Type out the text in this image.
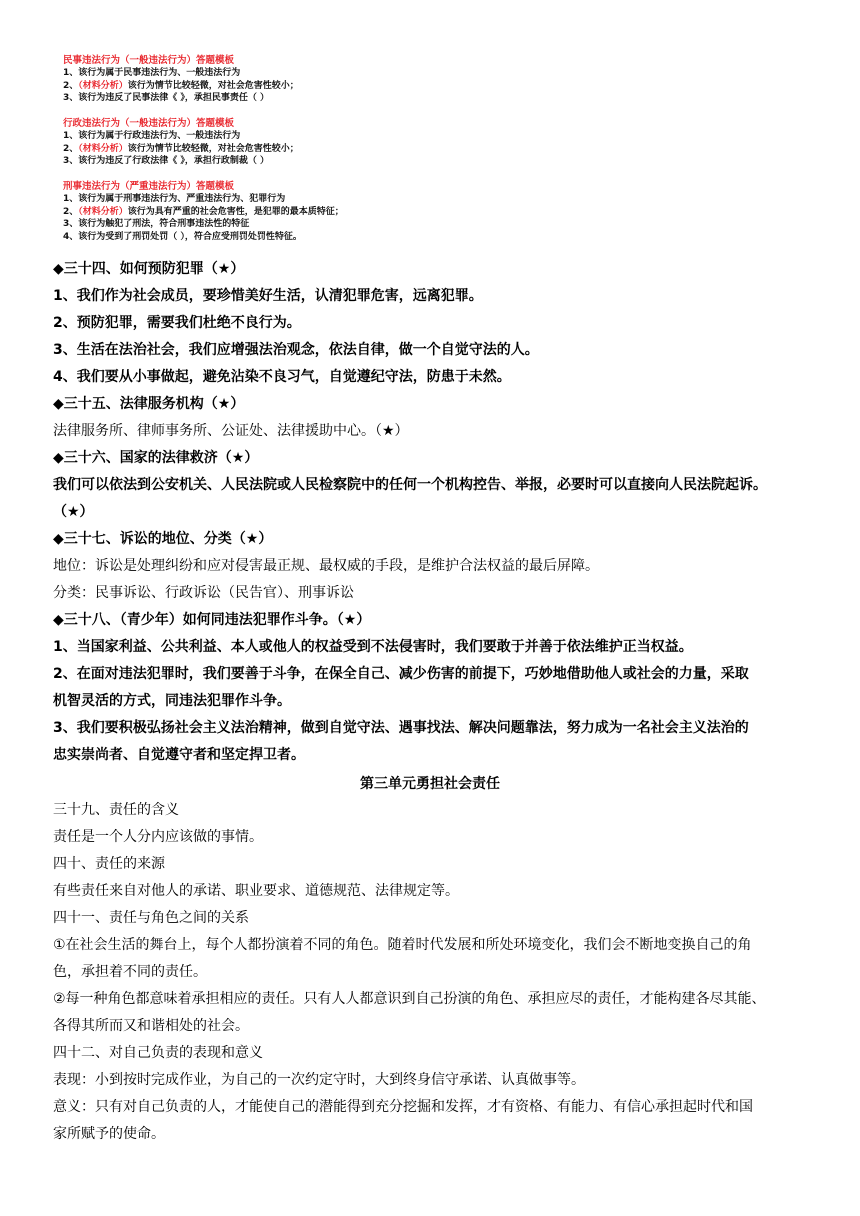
民事违法行为（一般违法行为）答题模板
1、该行为属于民事违法行为、一般违法行为
2、（材料分析）该行为情节比较轻微，对社会危害性较小；
3、该行为违反了民事法律《 》，承担民事责任（ ）
行政违法行为（一般违法行为）答题模板
1、该行为属于行政违法行为、一般违法行为
2、（材料分析）该行为情节比较轻微，对社会危害性较小；
3、该行为违反了行政法律《 》，承担行政制裁（ ）
刑事违法行为（严重违法行为）答题模板
1、该行为属于刑事违法行为、严重违法行为、犯罪行为
2、（材料分析）该行为具有严重的社会危害性，是犯罪的最本质特征；
3、该行为触犯了刑法，符合刑事违法性的特征
4、该行为受到了刑罚处罚（ ），符合应受刑罚处罚性特征。
◆三十四、如何预防犯罪（★）
1、我们作为社会成员，要珍惜美好生活，认清犯罪危害，远离犯罪。
2、预防犯罪，需要我们杜绝不良行为。
3、生活在法治社会，我们应增强法治观念，依法自律，做一个自觉守法的人。
4、我们要从小事做起，避免沾染不良习气，自觉遵纪守法，防患于未然。
◆三十五、法律服务机构（★）
法律服务所、律师事务所、公证处、法律援助中心。（★）
◆三十六、国家的法律救济（★）
我们可以依法到公安机关、人民法院或人民检察院中的任何一个机构控告、举报，必要时可以直接向人民法院起诉。
（★）
◆三十七、诉讼的地位、分类（★）
地位：诉讼是处理纠纷和应对侵害最正规、最权威的手段，是维护合法权益的最后屏障。
分类：民事诉讼、行政诉讼（民告官）、刑事诉讼
◆三十八、（青少年）如何同违法犯罪作斗争。（★）
1、当国家利益、公共利益、本人或他人的权益受到不法侵害时，我们要敢于并善于依法维护正当权益。
2、在面对违法犯罪时，我们要善于斗争，在保全自己、减少伤害的前提下，巧妙地借助他人或社会的力量，采取
机智灵活的方式，同违法犯罪作斗争。
3、我们要积极弘扬社会主义法治精神，做到自觉守法、遇事找法、解决问题靠法，努力成为一名社会主义法治的
忠实崇尚者、自觉遵守者和坚定捍卫者。
第三单元勇担社会责任
三十九、责任的含义
责任是一个人分内应该做的事情。
四十、责任的来源
有些责任来自对他人的承诺、职业要求、道德规范、法律规定等。
四十一、责任与角色之间的关系
①在社会生活的舞台上，每个人都扮演着不同的角色。随着时代发展和所处环境变化，我们会不断地变换自己的角
色，承担着不同的责任。
②每一种角色都意味着承担相应的责任。只有人人都意识到自己扮演的角色、承担应尽的责任，才能构建各尽其能、
各得其所而又和谐相处的社会。
四十二、对自己负责的表现和意义
表现：小到按时完成作业，为自己的一次约定守时，大到终身信守承诺、认真做事等。
意义：只有对自己负责的人，才能使自己的潜能得到充分挖掘和发挥，才有资格、有能力、有信心承担起时代和国
家所赋予的使命。
